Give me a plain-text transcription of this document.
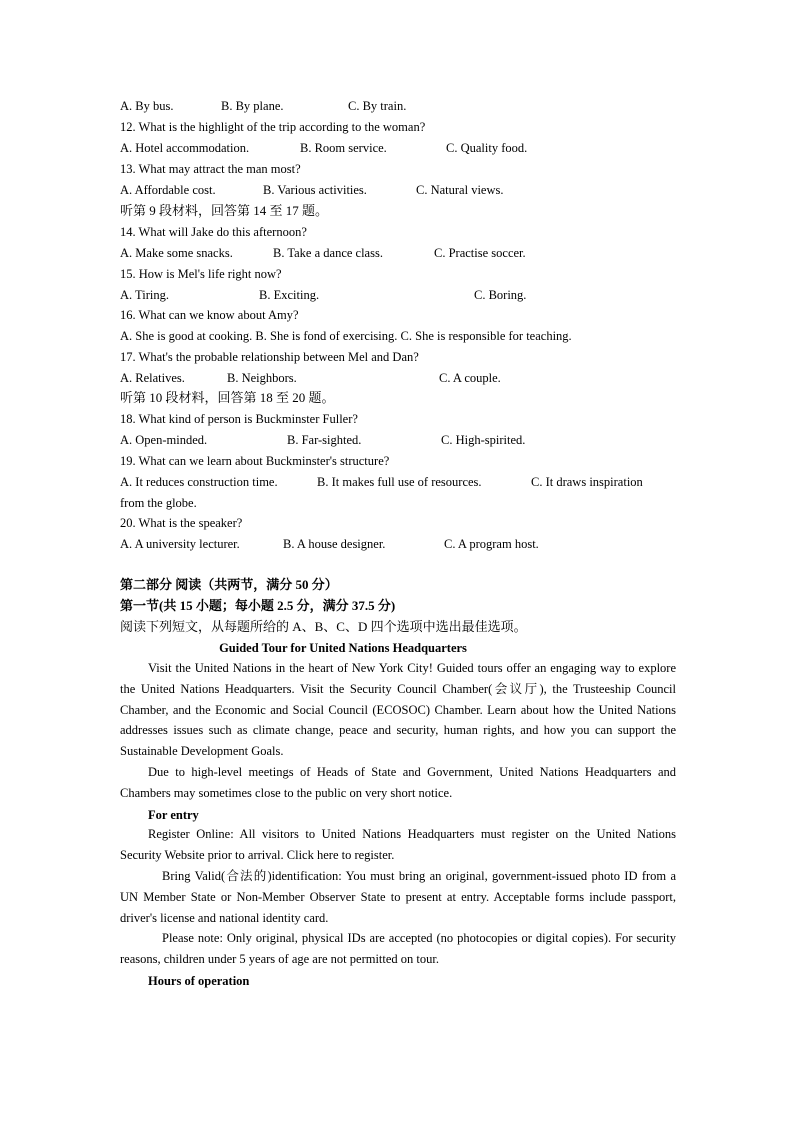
A. By bus.	B. By plane.	C. By train.
12. What is the highlight of the trip according to the woman?
A. Hotel accommodation.	B. Room service.	C. Quality food.
13. What may attract the man most?
A. Affordable cost.	B. Various activities.	C. Natural views.
听第 9 段材料，回答第 14 至 17 题。
14. What will Jake do this afternoon?
A. Make some snacks.	B. Take a dance class.	C. Practise soccer.
15. How is Mel's life right now?
A. Tiring.	B. Exciting.	C. Boring.
16. What can we know about Amy?
A. She is good at cooking. B. She is fond of exercising. C. She is responsible for teaching.
17. What's the probable relationship between Mel and Dan?
A. Relatives.	B. Neighbors.	C. A couple.
听第 10 段材料，回答第 18 至 20 题。
18. What kind of person is Buckminster Fuller?
A. Open-minded.	B. Far-sighted.	C. High-spirited.
19. What can we learn about Buckminster's structure?
A. It reduces construction time.	B. It makes full use of resources.	C. It draws inspiration
from the globe.
20. What is the speaker?
A. A university lecturer.	B. A house designer.	C. A program host.
第二部分 阅读（共两节，满分 50 分）
第一节(共 15 小题；每小题 2.5 分，满分 37.5 分)
阅读下列短文，从每题所给的 A、B、C、D 四个选项中选出最佳选项。
Guided Tour for United Nations Headquarters

Visit the United Nations in the heart of New York City! Guided tours offer an engaging way to explore the United Nations Headquarters. Visit the Security Council Chamber(会议厅), the Trusteeship Council Chamber, and the Economic and Social Council (ECOSOC) Chamber. Learn about how the United Nations addresses issues such as climate change, peace and security, human rights, and how you can support the Sustainable Development Goals.

Due to high-level meetings of Heads of State and Government, United Nations Headquarters and Chambers may sometimes close to the public on very short notice.

For entry

Register Online: All visitors to United Nations Headquarters must register on the United Nations Security Website prior to arrival. Click here to register.

Bring Valid(合法的)identification: You must bring an original, government-issued photo ID from a UN Member State or Non-Member Observer State to present at entry. Acceptable forms include passport, driver's license and national identity card.

Please note: Only original, physical IDs are accepted (no photocopies or digital copies). For security reasons, children under 5 years of age are not permitted on tour.

Hours of operation
